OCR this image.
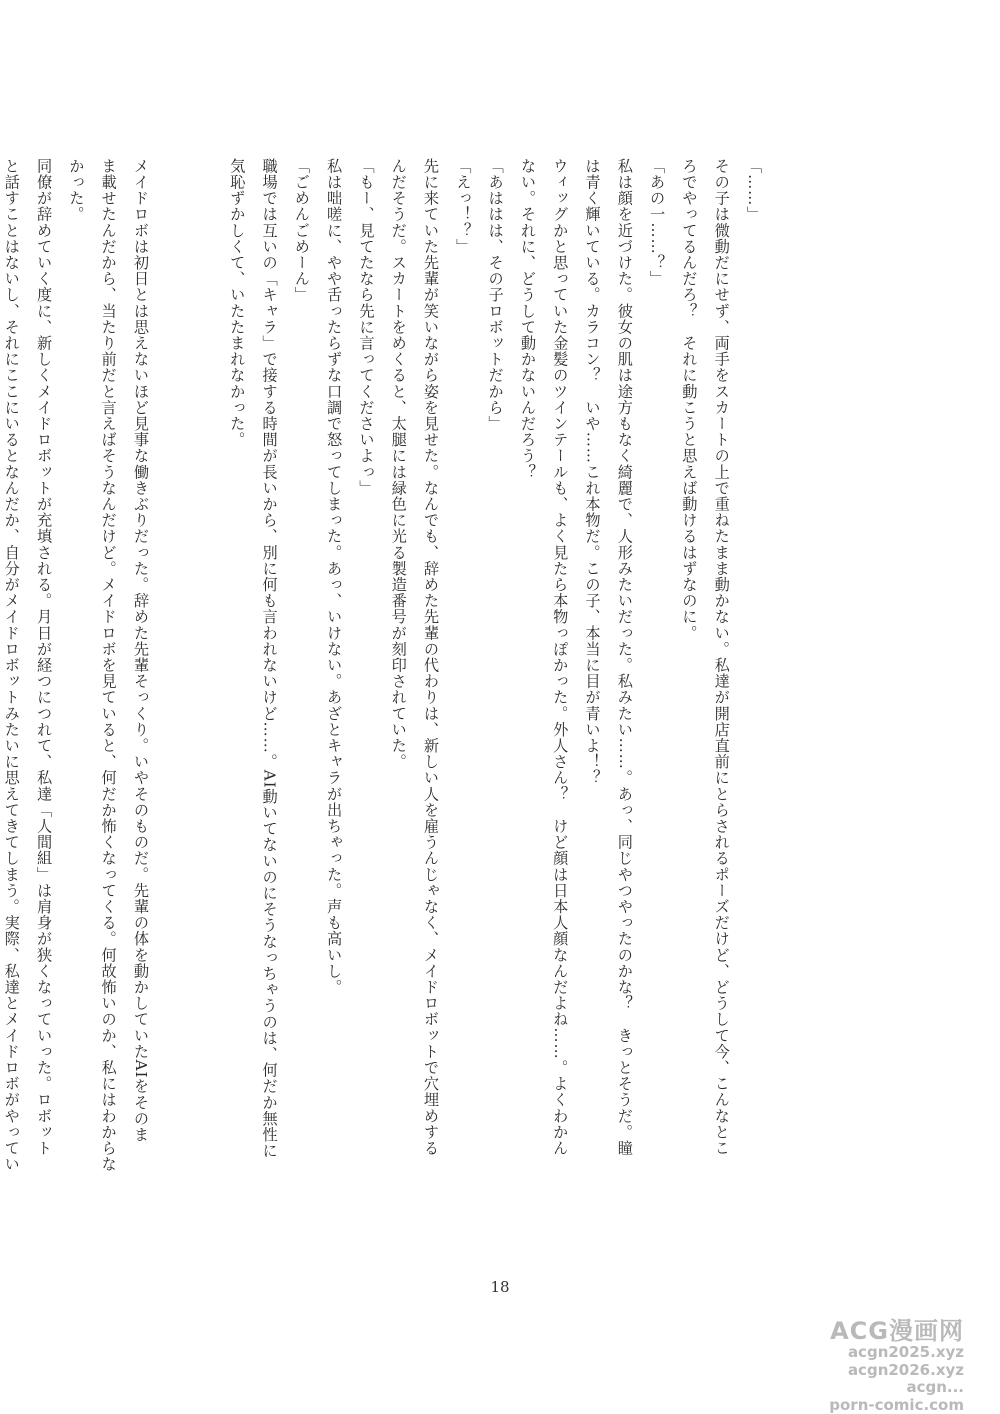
「……」
その子は微動だにせず、両手をスカートの上で重ねたまま動かない。私達が開店直前にとらされるポーズだけど、どうして今、こんなとこ
ろでやってるんだろ？　それに動こうと思えば動けるはずなのに。
「あの一……？」
私は顔を近づけた。彼女の肌は途方もなく綺麗で、人形みたいだった。私みたい……。あっ、同じやつやったのかな？　きっとそうだ。瞳
は青く輝いている。カラコン？　いや……これ本物だ。この子、本当に目が青いよ！？
ウィッグかと思っていた金髪のツインテールも、よく見たら本物っぽかった。外人さん？　けど顔は日本人顔なんだよね……。よくわかん
ない。それに、どうして動かないんだろう？
「あははは、その子ロボットだから」
「えっ！？」
先に来ていた先輩が笑いながら姿を見せた。なんでも、辞めた先輩の代わりは、新しい人を雇うんじゃなく、メイドロボットで穴埋めする
んだそうだ。スカートをめくると、太腿には緑色に光る製造番号が刻印されていた。
「もー、見てたなら先に言ってくださいよっ」
私は咄嗟に、やや舌ったらずな口調で怒ってしまった。あっ、いけない。あざとキャラが出ちゃった。声も高いし。
「ごめんごめーん」
職場では互いの「キャラ」で接する時間が長いから、別に何も言われないけど……。AI動いてないのにそうなっちゃうのは、何だか無性に
気恥ずかしくて、いたたまれなかった。
メイドロボは初日とは思えないほど見事な働きぶりだった。辞めた先輩そっくり。いやそのものだ。先輩の体を動かしていたAIをそのま
ま載せたんだから、当たり前だと言えばそうなんだけど。メイドロボを見ていると、何だか怖くなってくる。何故怖いのか、私にはわからな
かった。
同僚が辞めていく度に、新しくメイドロボットが充填される。月日が経つにつれて、私達「人間組」は肩身が狭くなっていった。ロボット
と話すことはないし、それにここにいるとなんだか、自分がメイドロボットみたいに思えてきてしまう。実際、私達とメイドロボがやってい
18
ACG漫画网
acgn2025.xyz
acgn2026.xyz
acgn...
porn-comic.com
